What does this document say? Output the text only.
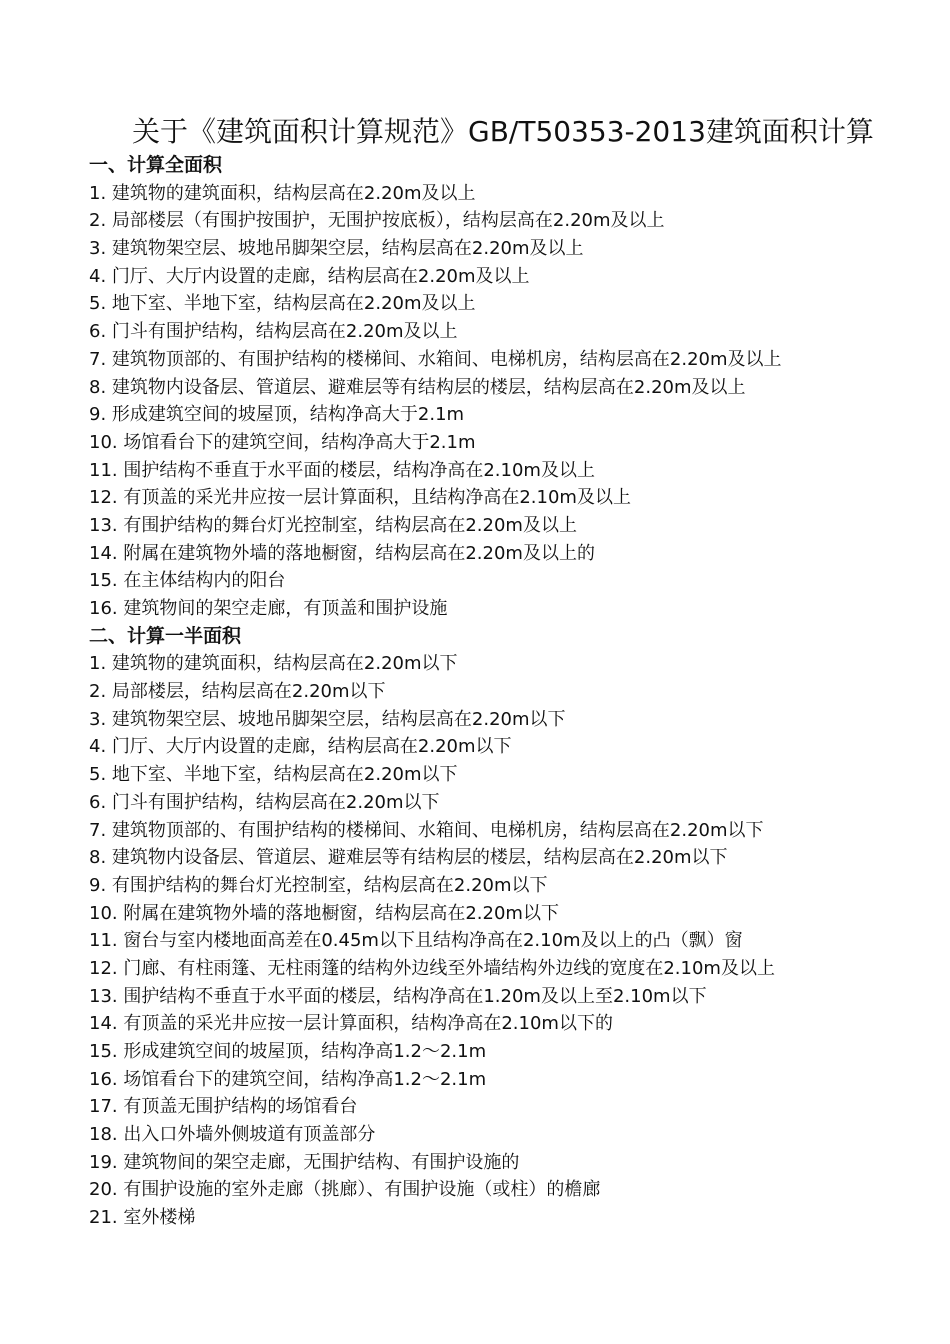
关于《建筑面积计算规范》GB/T50353-2013建筑面积计算
一、计算全面积
1. 建筑物的建筑面积，结构层高在2.20m及以上
2. 局部楼层（有围护按围护，无围护按底板），结构层高在2.20m及以上
3. 建筑物架空层、坡地吊脚架空层，结构层高在2.20m及以上
4. 门厅、大厅内设置的走廊，结构层高在2.20m及以上
5. 地下室、半地下室，结构层高在2.20m及以上
6. 门斗有围护结构，结构层高在2.20m及以上
7. 建筑物顶部的、有围护结构的楼梯间、水箱间、电梯机房，结构层高在2.20m及以上
8. 建筑物内设备层、管道层、避难层等有结构层的楼层，结构层高在2.20m及以上
9. 形成建筑空间的坡屋顶，结构净高大于2.1m
10. 场馆看台下的建筑空间，结构净高大于2.1m
11. 围护结构不垂直于水平面的楼层，结构净高在2.10m及以上
12. 有顶盖的采光井应按一层计算面积，且结构净高在2.10m及以上
13. 有围护结构的舞台灯光控制室，结构层高在2.20m及以上
14. 附属在建筑物外墙的落地橱窗，结构层高在2.20m及以上的
15. 在主体结构内的阳台
16. 建筑物间的架空走廊，有顶盖和围护设施
二、计算一半面积
1. 建筑物的建筑面积，结构层高在2.20m以下
2. 局部楼层，结构层高在2.20m以下
3. 建筑物架空层、坡地吊脚架空层，结构层高在2.20m以下
4. 门厅、大厅内设置的走廊，结构层高在2.20m以下
5. 地下室、半地下室，结构层高在2.20m以下
6. 门斗有围护结构，结构层高在2.20m以下
7. 建筑物顶部的、有围护结构的楼梯间、水箱间、电梯机房，结构层高在2.20m以下
8. 建筑物内设备层、管道层、避难层等有结构层的楼层，结构层高在2.20m以下
9. 有围护结构的舞台灯光控制室，结构层高在2.20m以下
10. 附属在建筑物外墙的落地橱窗，结构层高在2.20m以下
11. 窗台与室内楼地面高差在0.45m以下且结构净高在2.10m及以上的凸（飘）窗
12. 门廊、有柱雨篷、无柱雨篷的结构外边线至外墙结构外边线的宽度在2.10m及以上
13. 围护结构不垂直于水平面的楼层，结构净高在1.20m及以上至2.10m以下
14. 有顶盖的采光井应按一层计算面积，结构净高在2.10m以下的
15. 形成建筑空间的坡屋顶，结构净高1.2～2.1m
16. 场馆看台下的建筑空间，结构净高1.2～2.1m
17. 有顶盖无围护结构的场馆看台
18. 出入口外墙外侧坡道有顶盖部分
19. 建筑物间的架空走廊，无围护结构、有围护设施的
20. 有围护设施的室外走廊（挑廊）、有围护设施（或柱）的檐廊
21. 室外楼梯
